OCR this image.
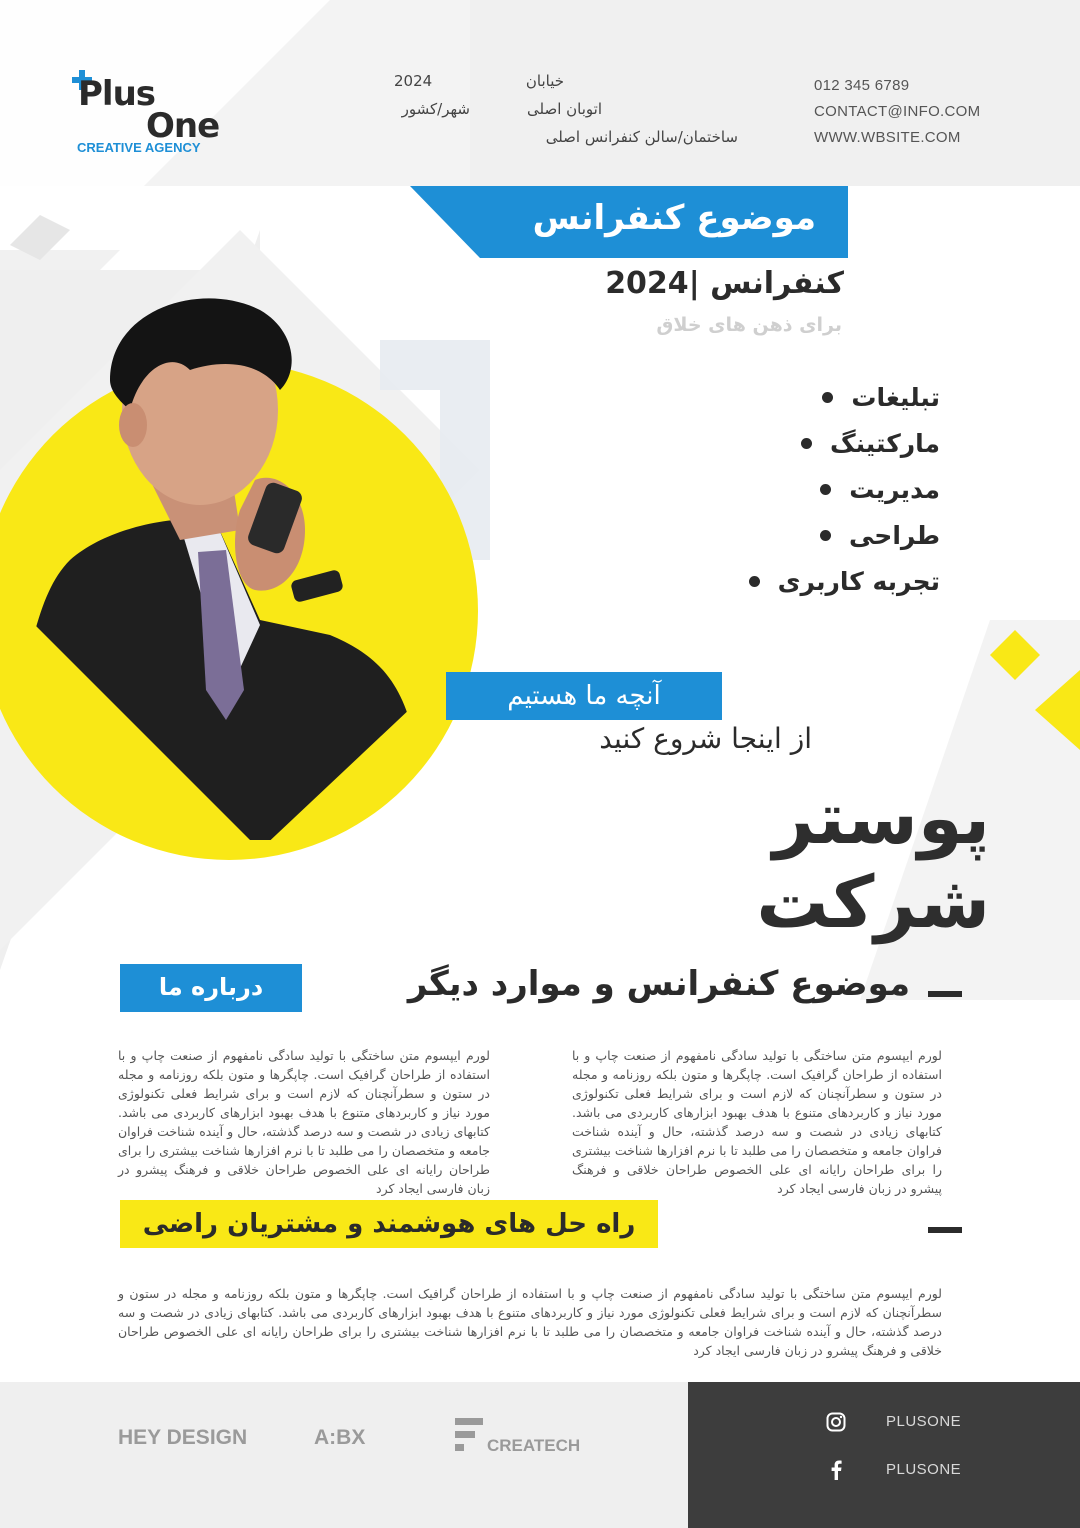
Plus
One
CREATIVE AGENCY
2024
شهر/کشور
خیابان
اتوبان اصلی
ساختمان/سالن کنفرانس اصلی
012 345 6789
CONTACT@INFO.COM
WWW.WBSITE.COM
موضوع کنفرانس
کنفرانس |2024
برای ذهن های خلاق
تبلیغات
مارکتینگ
مدیریت
طراحی
تجربه کاربری
آنچه ما هستیم
از اینجا شروع کنید
پوستر شرکت
درباره ما	موضوع کنفرانس و موارد دیگر
لورم ایپسوم متن ساختگی با تولید سادگی نامفهوم از صنعت چاپ و با استفاده از طراحان گرافیک است. چاپگرها و متون بلکه روزنامه و مجله در ستون و سطرآنچنان که لازم است و برای شرایط فعلی تکنولوژی مورد نیاز و کاربردهای متنوع با هدف بهبود ابزارهای کاربردی می باشد. کتابهای زیادی در شصت و سه درصد گذشته، حال و آینده شناخت فراوان جامعه و متخصصان را می طلبد تا با نرم افزارها شناخت بیشتری را برای طراحان رایانه ای علی الخصوص طراحان خلاقی و فرهنگ پیشرو در زبان فارسی ایجاد کرد
لورم ایپسوم متن ساختگی با تولید سادگی نامفهوم از صنعت چاپ و با استفاده از طراحان گرافیک است. چاپگرها و متون بلکه روزنامه و مجله در ستون و سطرآنچنان که لازم است و برای شرایط فعلی تکنولوژی مورد نیاز و کاربردهای متنوع با هدف بهبود ابزارهای کاربردی می باشد. کتابهای زیادی در شصت و سه درصد گذشته، حال و آینده شناخت فراوان جامعه و متخصصان را می طلبد تا با نرم افزارها شناخت بیشتری را برای طراحان رایانه ای علی الخصوص طراحان خلاقی و فرهنگ پیشرو در زبان فارسی ایجاد کرد
راه حل های هوشمند و مشتریان راضی
لورم ایپسوم متن ساختگی با تولید سادگی نامفهوم از صنعت چاپ و با استفاده از طراحان گرافیک است. چاپگرها و متون بلکه روزنامه و مجله در ستون و سطرآنچنان که لازم است و برای شرایط فعلی تکنولوژی مورد نیاز و کاربردهای متنوع با هدف بهبود ابزارهای کاربردی می باشد. کتابهای زیادی در شصت و سه درصد گذشته، حال و آینده شناخت فراوان جامعه و متخصصان را می طلبد تا با نرم افزارها شناخت بیشتری را برای طراحان رایانه ای علی الخصوص طراحان خلاقی و فرهنگ پیشرو در زبان فارسی ایجاد کرد
HEY DESIGN	A:BX	CREATECH
PLUSONE
PLUSONE
